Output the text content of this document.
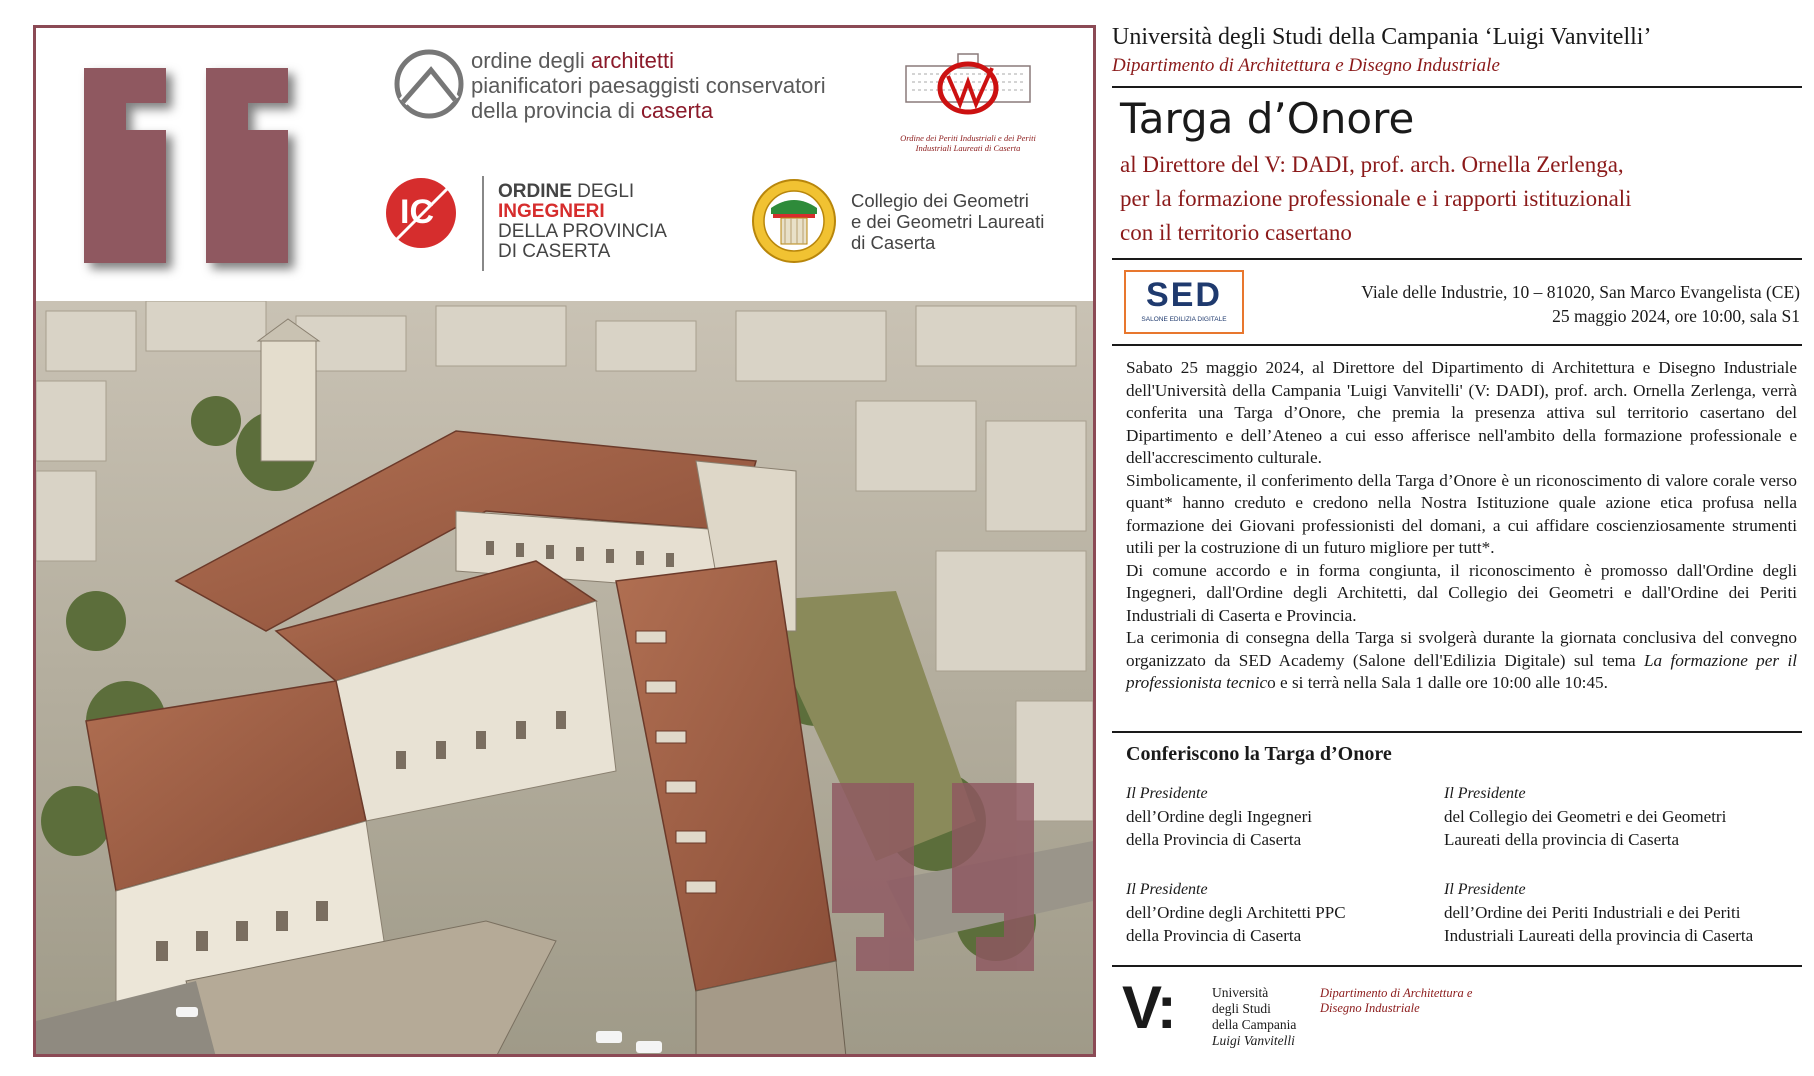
ordine degli architetti
pianificatori paesaggisti conservatori
della provincia di caserta
Ordine dei Periti Industriali e dei Periti Industriali Laureati di Caserta
IC
ORDINE DEGLI
INGEGNERI
DELLA PROVINCIA
DI CASERTA
Collegio dei Geometri
e dei Geometri Laureati
di Caserta
Università degli Studi della Campania ‘Luigi Vanvitelli’
Dipartimento di Architettura e Disegno Industriale
Targa d’Onore
al Direttore del V: DADI, prof. arch. Ornella Zerlenga,
per la formazione professionale e i rapporti istituzionali
con il territorio casertano
SED
SALONE EDILIZIA DIGITALE
Viale delle Industrie, 10 – 81020, San Marco Evangelista (CE)
25 maggio 2024, ore 10:00, sala S1

Sabato 25 maggio 2024, al Direttore del Dipartimento di Architettura e Disegno Industriale dell'Università della Campania 'Luigi Vanvitelli' (V: DADI), prof. arch. Ornella Zerlenga, verrà conferita una Targa d’Onore, che premia la presenza attiva sul territorio casertano del Dipartimento e dell’Ateneo a cui esso afferisce nell'ambito della formazione professionale e dell'accrescimento culturale.

Simbolicamente, il conferimento della Targa d’Onore è un riconoscimento di valore corale verso quant* hanno creduto e credono nella Nostra Istituzione quale azione etica profusa nella formazione dei Giovani professionisti del domani, a cui affidare coscienziosamente strumenti utili per la costruzione di un futuro migliore per tutt*.

Di comune accordo e in forma congiunta, il riconoscimento è promosso dall'Ordine degli Ingegneri, dall'Ordine degli Architetti, dal Collegio dei Geometri e dall'Ordine dei Periti Industriali di Caserta e Provincia.

La cerimonia di consegna della Targa si svolgerà durante la giornata conclusiva del convegno organizzato da SED Academy (Salone dell'Edilizia Digitale) sul tema La formazione per il professionista tecnico e si terrà nella Sala 1 dalle ore 10:00 alle 10:45.

Conferiscono la Targa d’Onore
Il Presidente
dell’Ordine degli Ingegneri
della Provincia di Caserta
Il Presidente
del Collegio dei Geometri e dei Geometri
Laureati della provincia di Caserta
Il Presidente
dell’Ordine degli Architetti PPC
della Provincia di Caserta
Il Presidente
dell’Ordine dei Periti Industriali e dei Periti
Industriali Laureati della provincia di Caserta
V:	Università
degli Studi
della Campania
Luigi Vanvitelli
Dipartimento di Architettura e
Disegno Industriale
